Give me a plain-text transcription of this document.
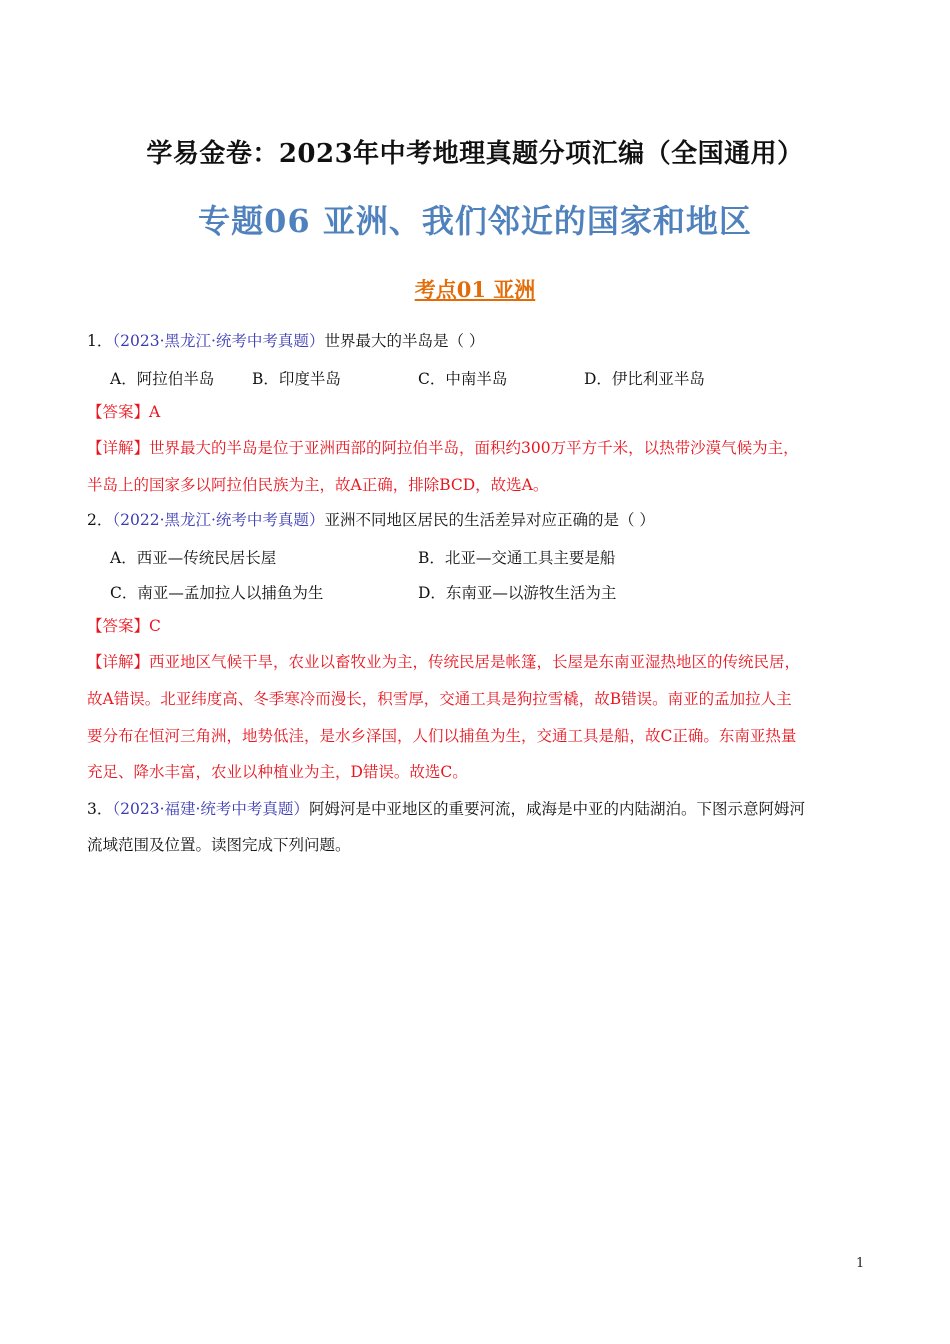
学易金卷：2023年中考地理真题分项汇编（全国通用）
专题06 亚洲、我们邻近的国家和地区
考点01 亚洲
1．（2023·黑龙江·统考中考真题）世界最大的半岛是（ ）
A．阿拉伯半岛 B．印度半岛	C．中南半岛	D．伊比利亚半岛
【答案】A
【详解】世界最大的半岛是位于亚洲西部的阿拉伯半岛，面积约300万平方千米，以热带沙漠气候为主，
半岛上的国家多以阿拉伯民族为主，故A正确，排除BCD，故选A。
2．（2022·黑龙江·统考中考真题）亚洲不同地区居民的生活差异对应正确的是（ ）
A．西亚—传统民居长屋	B．北亚—交通工具主要是船
C．南亚—孟加拉人以捕鱼为生	D．东南亚—以游牧生活为主
【答案】C
【详解】西亚地区气候干旱，农业以畜牧业为主，传统民居是帐篷，长屋是东南亚湿热地区的传统民居，
故A错误。北亚纬度高、冬季寒冷而漫长，积雪厚，交通工具是狗拉雪橇，故B错误。南亚的孟加拉人主
要分布在恒河三角洲，地势低洼，是水乡泽国，人们以捕鱼为生，交通工具是船，故C正确。东南亚热量
充足、降水丰富，农业以种植业为主，D错误。故选C。
3．（2023·福建·统考中考真题）阿姆河是中亚地区的重要河流，咸海是中亚的内陆湖泊。下图示意阿姆河
流域范围及位置。读图完成下列问题。
1
